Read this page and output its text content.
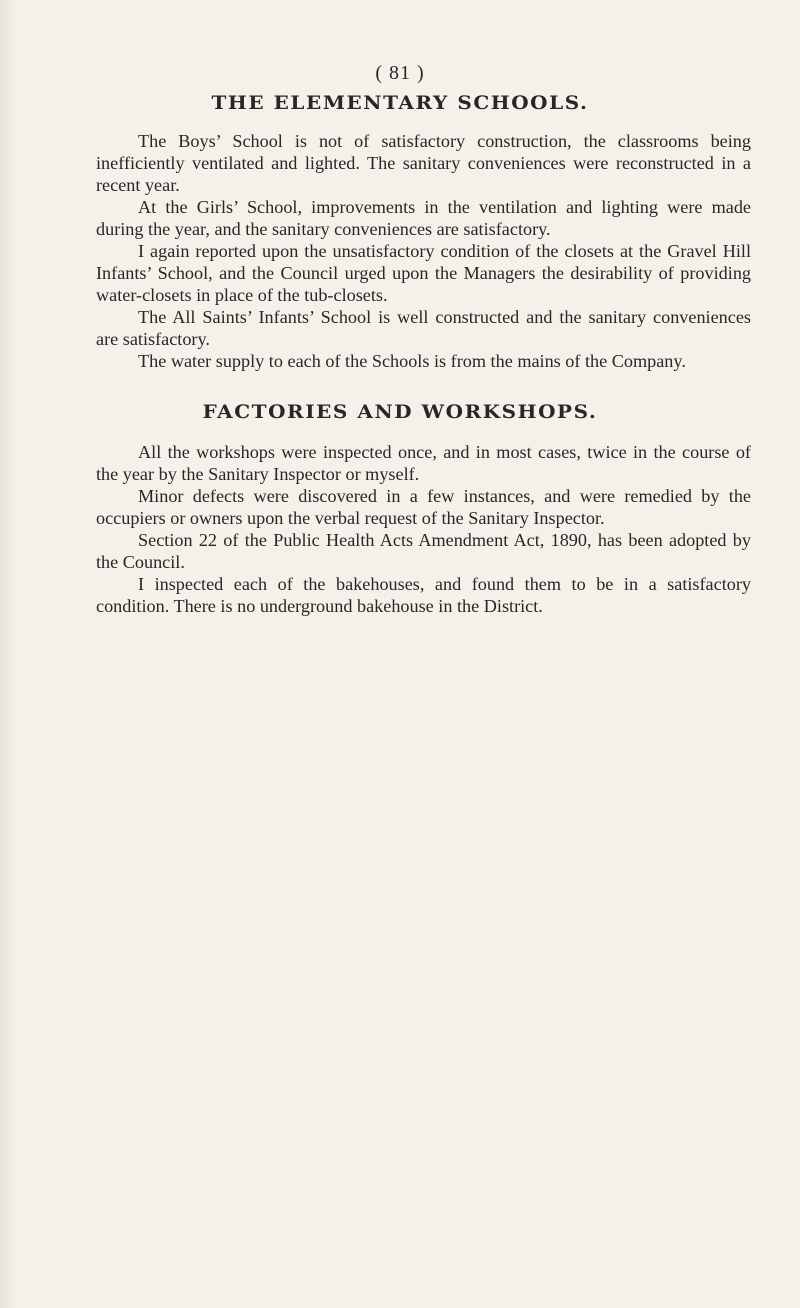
( 81 )
THE ELEMENTARY SCHOOLS.

The Boys’ School is not of satisfactory construction, the classrooms being inefficiently ventilated and lighted. The sanitary conveniences were reconstructed in a recent year.

At the Girls’ School, improvements in the ventilation and lighting were made during the year, and the sanitary conveniences are satisfactory.

I again reported upon the unsatisfactory condition of the closets at the Gravel Hill Infants’ School, and the Council urged upon the Managers the desirability of providing water-closets in place of the tub-closets.

The All Saints’ Infants’ School is well constructed and the sanitary conveniences are satisfactory.

The water supply to each of the Schools is from the mains of the Company.

FACTORIES AND WORKSHOPS.

All the workshops were inspected once, and in most cases, twice in the course of the year by the Sanitary Inspector or myself.

Minor defects were discovered in a few instances, and were remedied by the occupiers or owners upon the verbal request of the Sanitary Inspector.

Section 22 of the Public Health Acts Amendment Act, 1890, has been adopted by the Council.

I inspected each of the bakehouses, and found them to be in a satisfactory condition. There is no underground bakehouse in the District.
